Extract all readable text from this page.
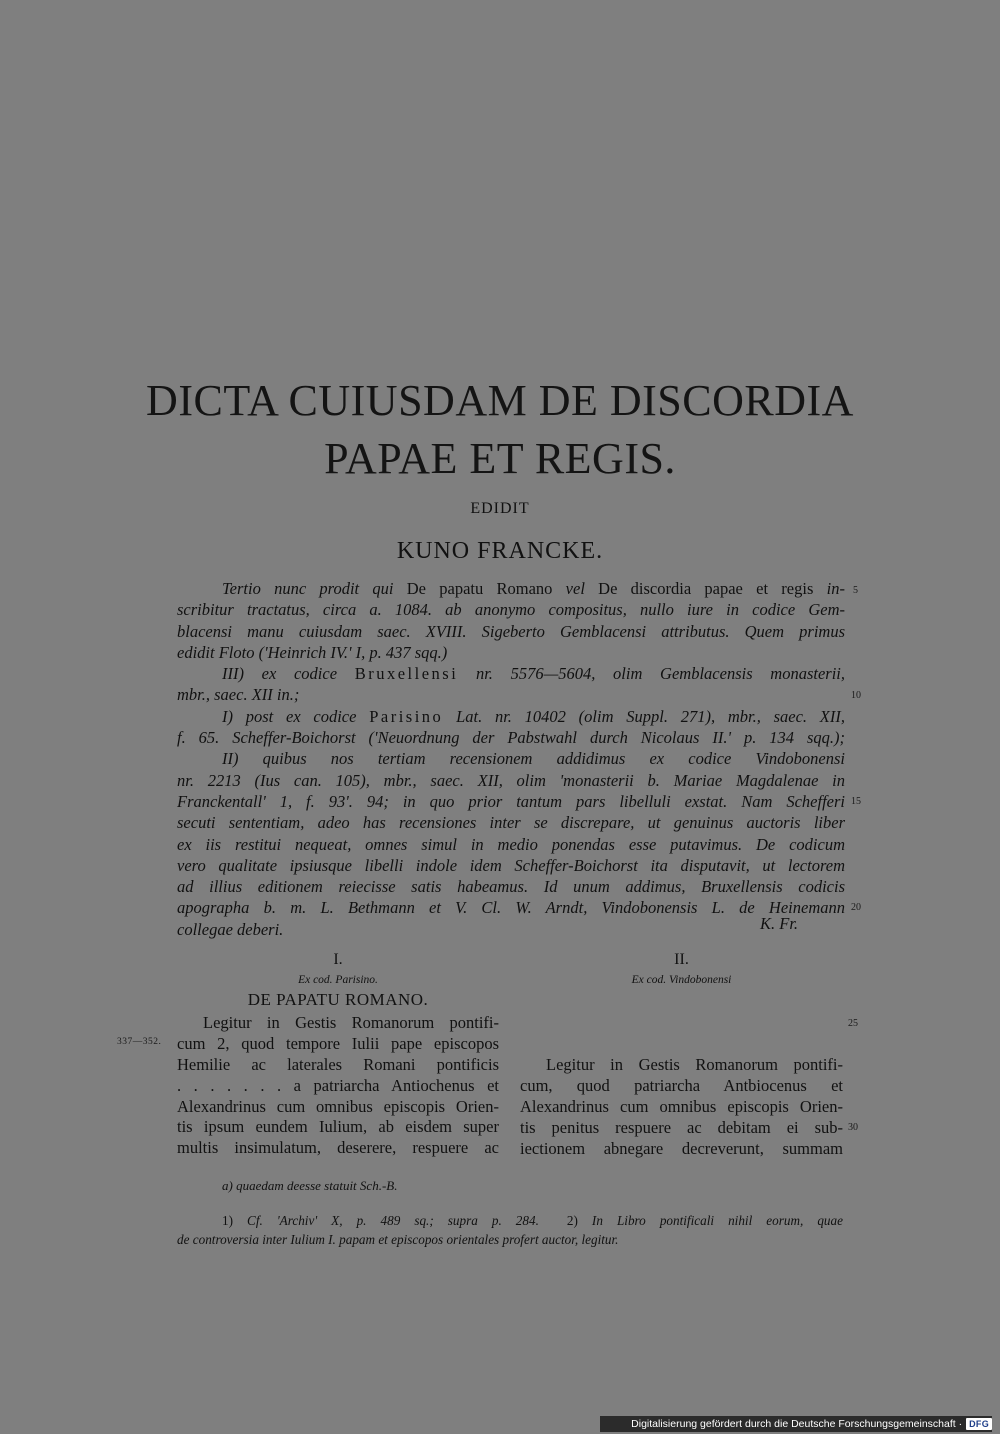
DICTA CUIUSDAM DE DISCORDIA
PAPAE ET REGIS.
EDIDIT
KUNO FRANCKE.
Tertio nunc prodit qui De papatu Romano vel De discordia papae et regis in-
scribitur tractatus, circa a. 1084. ab anonymo compositus, nullo iure in codice Gem-
blacensi manu cuiusdam saec. XVIII. Sigeberto Gemblacensi attributus. Quem primus
edidit Floto ('Heinrich IV.' I, p. 437 sqq.)
III) ex codice Bruxellensi nr. 5576—5604, olim Gemblacensis monasterii,
mbr., saec. XII in.;
I) post ex codice Parisino Lat. nr. 10402 (olim Suppl. 271), mbr., saec. XII,
f. 65. Scheffer-Boichorst ('Neuordnung der Pabstwahl durch Nicolaus II.' p. 134 sqq.);
II) quibus nos tertiam recensionem addidimus ex codice Vindobonensi
nr. 2213 (Ius can. 105), mbr., saec. XII, olim 'monasterii b. Mariae Magdalenae in
Franckentall' 1, f. 93'. 94; in quo prior tantum pars libelluli exstat. Nam Schefferi
secuti sententiam, adeo has recensiones inter se discrepare, ut genuinus auctoris liber
ex iis restitui nequeat, omnes simul in medio ponendas esse putavimus. De codicum
vero qualitate ipsiusque libelli indole idem Scheffer-Boichorst ita disputavit, ut lectorem
ad illius editionem reiecisse satis habeamus. Id unum addimus, Bruxellensis codicis
apographa b. m. L. Bethmann et V. Cl. W. Arndt, Vindobonensis L. de Heinemann
collegae deberi.	K. Fr.
5
10
15
20
25
30
I.
Ex cod. Parisino.
DE PAPATU ROMANO.
337—352.
Legitur in Gestis Romanorum pontifi-
cum 2, quod tempore Iulii pape episcopos
Hemilie ac laterales Romani pontificis
. . . . . . . a patriarcha Antiochenus et
Alexandrinus cum omnibus episcopis Orien-
tis ipsum eundem Iulium, ab eisdem super
multis insimulatum, deserere, respuere ac
II.
Ex cod. Vindobonensi
Legitur in Gestis Romanorum pontifi-
cum, quod patriarcha Antbiocenus et
Alexandrinus cum omnibus episcopis Orien-
tis penitus respuere ac debitam ei sub-
iectionem abnegare decreverunt, summam
a) quaedam deesse statuit Sch.-B.
1) Cf. 'Archiv' X, p. 489 sq.; supra p. 284. 2) In Libro pontificali nihil eorum, quae
de controversia inter Iulium I. papam et episcopos orientales profert auctor, legitur.
Digitalisierung gefördert durch die Deutsche Forschungsgemeinschaft · DFG
